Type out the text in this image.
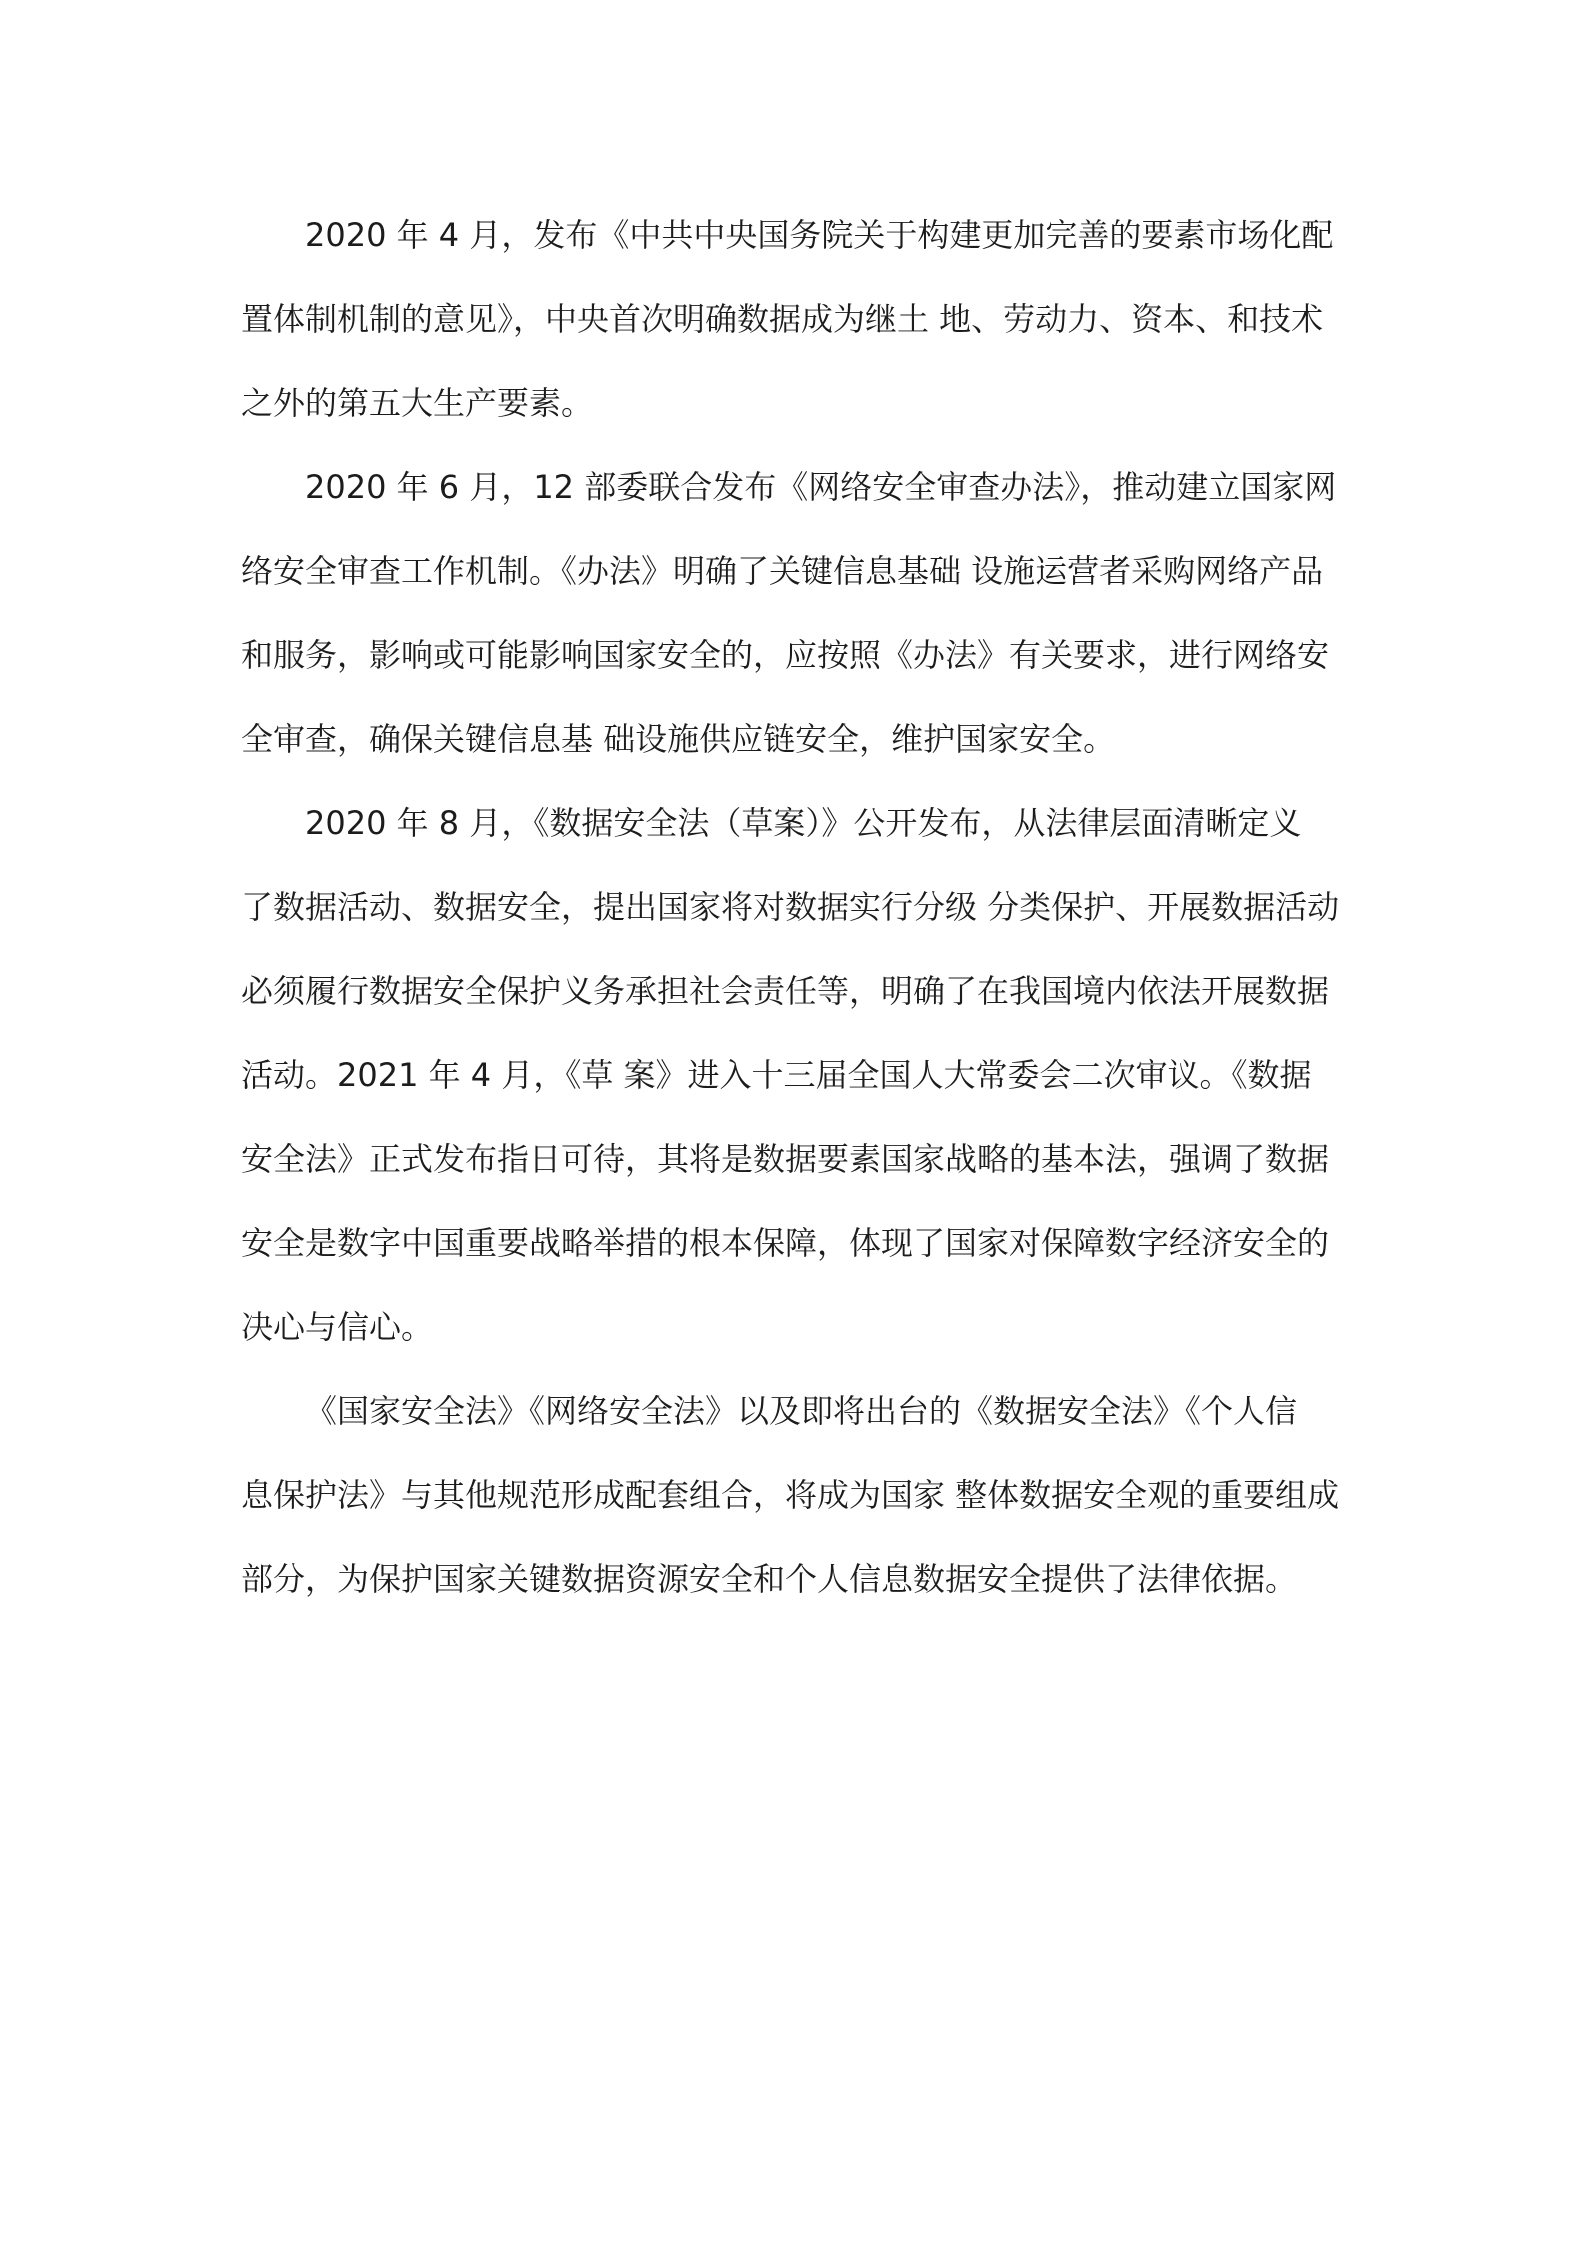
2020 年 4 月，发布《中共中央国务院关于构建更加完善的要素市场化配
置体制机制的意见》，中央首次明确数据成为继土 地、劳动力、资本、和技术
之外的第五大生产要素。
2020 年 6 月，12 部委联合发布《网络安全审查办法》，推动建立国家网
络安全审查工作机制。《办法》明确了关键信息基础 设施运营者采购网络产品
和服务，影响或可能影响国家安全的，应按照《办法》有关要求，进行网络安
全审查，确保关键信息基 础设施供应链安全，维护国家安全。
2020 年 8 月，《数据安全法（草案）》公开发布，从法律层面清晰定义
了数据活动、数据安全，提出国家将对数据实行分级 分类保护、开展数据活动
必须履行数据安全保护义务承担社会责任等，明确了在我国境内依法开展数据
活动。2021 年 4 月，《草 案》进入十三届全国人大常委会二次审议。《数据
安全法》正式发布指日可待，其将是数据要素国家战略的基本法，强调了数据
安全是数字中国重要战略举措的根本保障，体现了国家对保障数字经济安全的
决心与信心。
《国家安全法》《网络安全法》以及即将出台的《数据安全法》《个人信
息保护法》与其他规范形成配套组合，将成为国家 整体数据安全观的重要组成
部分，为保护国家关键数据资源安全和个人信息数据安全提供了法律依据。
